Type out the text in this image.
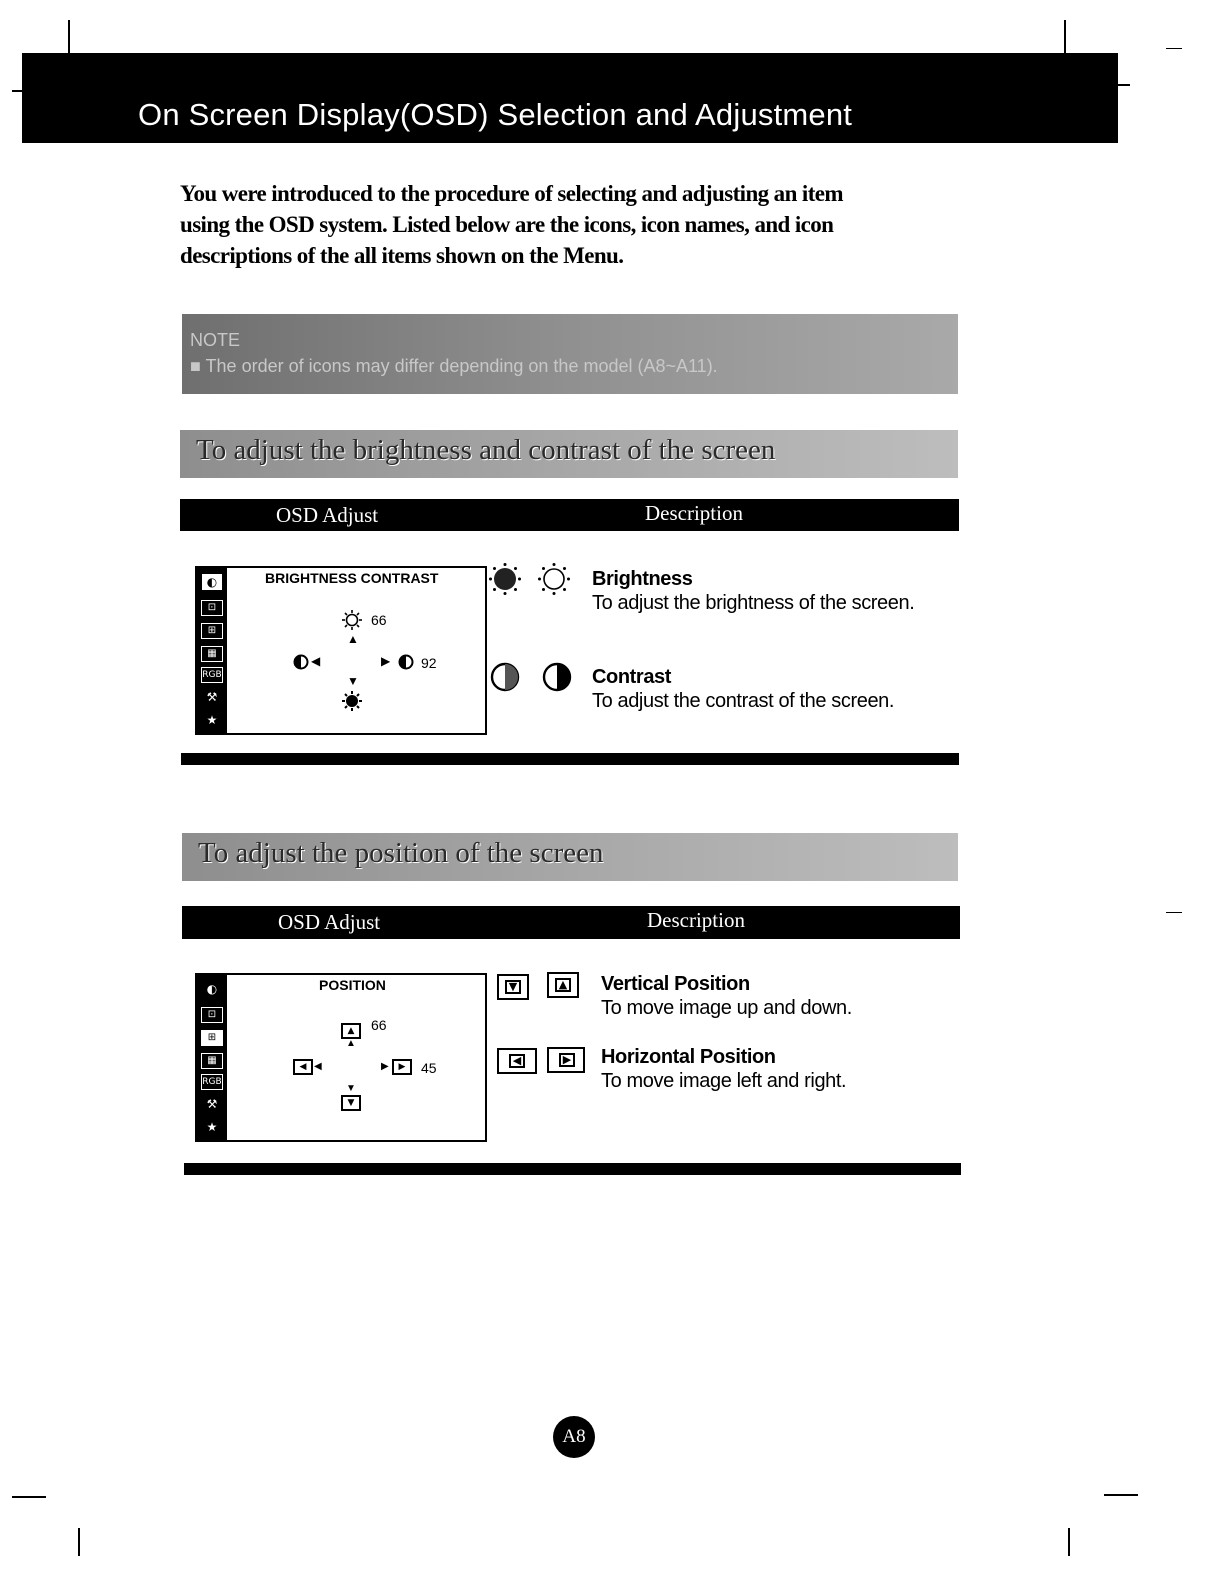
On Screen Display(OSD) Selection and Adjustment
You were introduced to the procedure of selecting and adjusting an item
using the OSD system. Listed below are the icons, icon names, and icon
descriptions of the all items shown on the Menu.
NOTE
■ The order of icons may differ depending on the model (A8~A11).
To adjust the brightness and contrast of the screen
OSD Adjust	Description
◐
⊡
⊞
▦
RGB
⚒
★
BRIGHTNESS CONTRAST
66
▲
◀	▶ 92
▼
Brightness
To adjust the brightness of the screen.
Contrast
To adjust the contrast of the screen.
To adjust the position of the screen
OSD Adjust	Description
◐
⊡
⊞
▦
RGB
⚒
★
POSITION
▲
▲
66
◀ ◀	▶	▶	45
▼
▼
▼	▲
◀	▶
Vertical Position
To move image up and down.
Horizontal Position
To move image left and right.
A8
